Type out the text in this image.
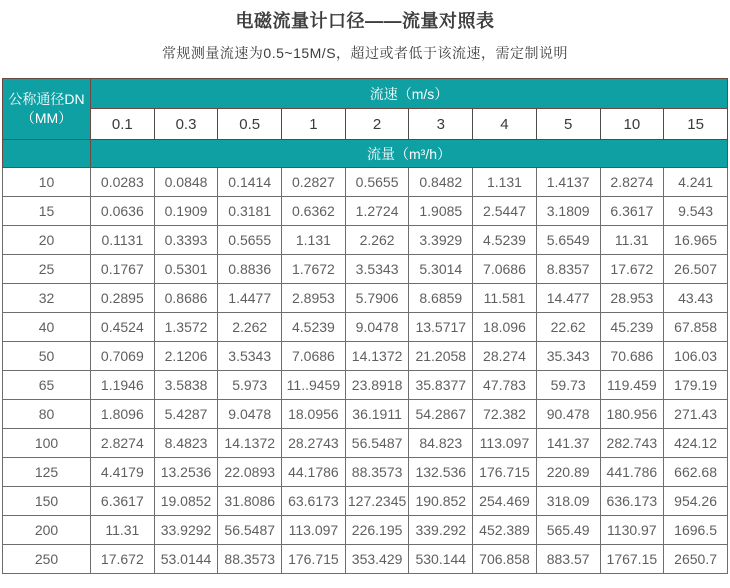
电磁流量计口径——流量对照表
常规测量流速为0.5~15M/S，超过或者低于该流速，需定制说明
公称通径DN
（MM）	流速（m/s）									
	0.1	0.3	0.5	1	2	3	4	5	10	15
	流量（m³/h）									
10	0.0283	0.0848	0.1414	0.2827	0.5655	0.8482	1.131	1.4137	2.8274	4.241
15	0.0636	0.1909	0.3181	0.6362	1.2724	1.9085	2.5447	3.1809	6.3617	9.543
20	0.1131	0.3393	0.5655	1.131	2.262	3.3929	4.5239	5.6549	11.31	16.965
25	0.1767	0.5301	0.8836	1.7672	3.5343	5.3014	7.0686	8.8357	17.672	26.507
32	0.2895	0.8686	1.4477	2.8953	5.7906	8.6859	11.581	14.477	28.953	43.43
40	0.4524	1.3572	2.262	4.5239	9.0478	13.5717	18.096	22.62	45.239	67.858
50	0.7069	2.1206	3.5343	7.0686	14.1372	21.2058	28.274	35.343	70.686	106.03
65	1.1946	3.5838	5.973	11..9459	23.8918	35.8377	47.783	59.73	119.459	179.19
80	1.8096	5.4287	9.0478	18.0956	36.1911	54.2867	72.382	90.478	180.956	271.43
100	2.8274	8.4823	14.1372	28.2743	56.5487	84.823	113.097	141.37	282.743	424.12
125	4.4179	13.2536	22.0893	44.1786	88.3573	132.536	176.715	220.89	441.786	662.68
150	6.3617	19.0852	31.8086	63.6173	127.2345	190.852	254.469	318.09	636.173	954.26
200	11.31	33.9292	56.5487	113.097	226.195	339.292	452.389	565.49	1130.97	1696.5
250	17.672	53.0144	88.3573	176.715	353.429	530.144	706.858	883.57	1767.15	2650.7
